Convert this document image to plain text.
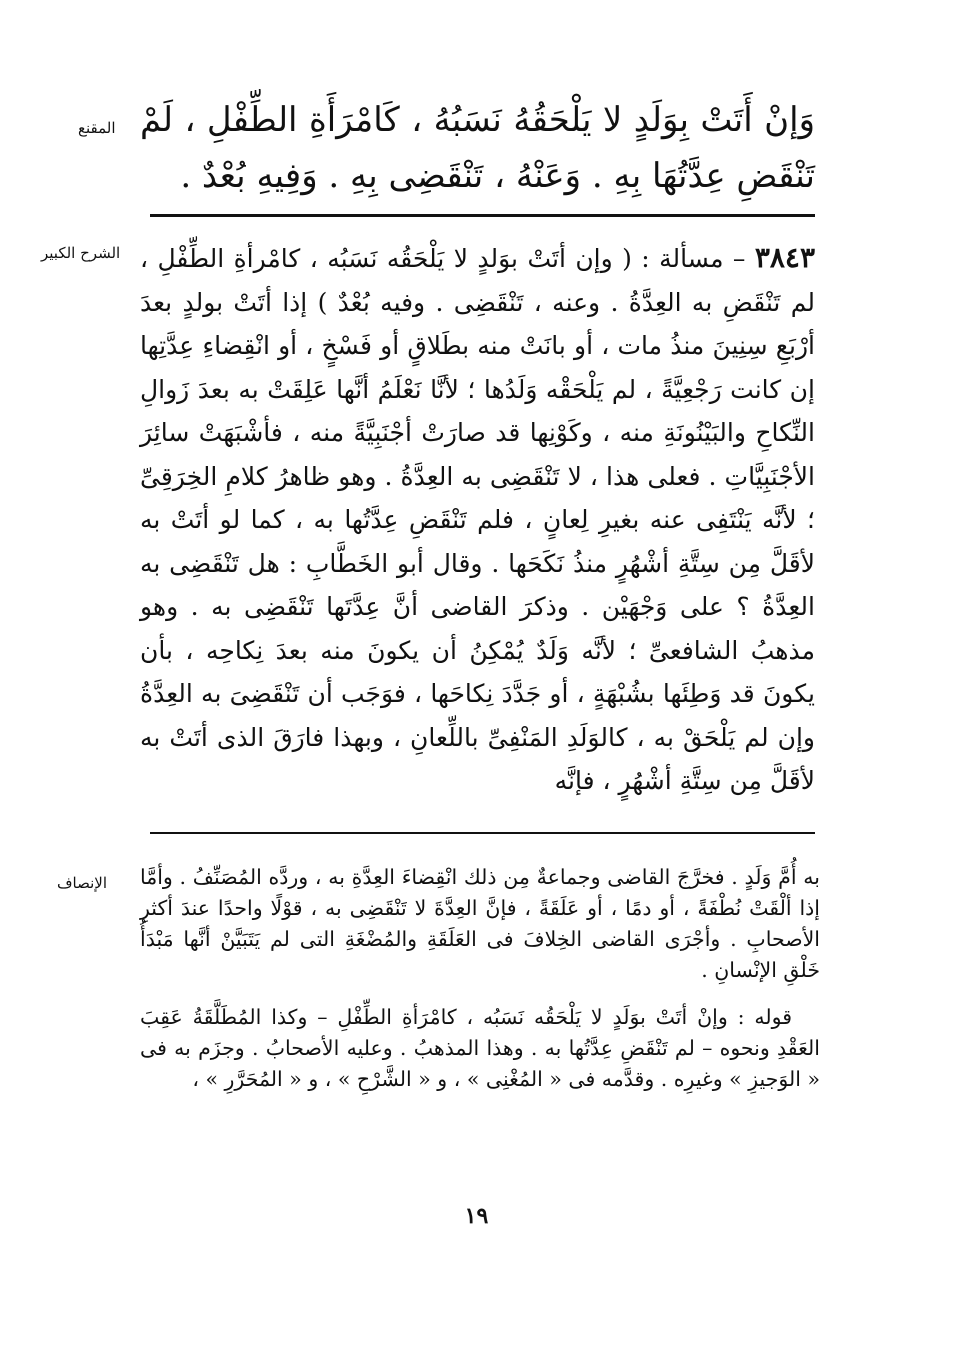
المقنع وَإنْ أَتَتْ بِوَلَدٍ لا يَلْحَقُهُ نَسَبُهُ ، كَامْرَأَةِ الطِّفْلِ ، لَمْ تَنْقَضِ عِدَّتُهَا بِهِ . وَعَنْهُ ، تَنْقَضِى بِهِ . وَفِيهِ بُعْدٌ .

الشرح الكبير	٣٨٤٣ – مسألة : ( وإن أتَتْ بوَلدٍ لا يَلْحَقُه نَسَبُه ، كامْرأةِ الطِّفْلِ ، لم تَنْقَضِ به العِدَّةُ . وعنه ، تَنْقَضِى . وفيه بُعْدٌ ) إذا أتَتْ بولدٍ بعدَ أرْبَعِ سِنِينَ منذُ مات ، أو بانَتْ منه بطَلاقٍ أو فَسْخٍ ، أو انْقِضاءِ عِدَّتِها إن كانت رَجْعِيَّةً ، لم يَلْحَقْه وَلَدُها ؛ لأنَّا نَعْلَمُ أنَّها عَلِقَتْ به بعدَ زَوالِ النِّكاحِ والبَيْنُونَةِ منه ، وكَوْنِها قد صارَتْ أجْنَبِيَّةً منه ، فأشْبَهَتْ سائِرَ الأجْنَبِيَّاتِ . فعلى هذا ، لا تَنْقَضِى به العِدَّةُ . وهو ظاهرُ كلامِ الخِرَقِىِّ ؛ لأنَّه يَنْتَفِى عنه بغيرِ لِعانٍ ، فلم تَنْقَضِ عِدَّتُها به ، كما لو أتَتْ به لأقَلَّ مِن سِتَّةِ أشْهُرٍ منذُ نَكَحَها . وقال أبو الخَطَّابِ : هل تَنْقَضِى به العِدَّةُ ؟ على وَجْهَيْن . وذكرَ القاضى أنَّ عِدَّتَها تَنْقَضِى به . وهو مذهبُ الشافعىِّ ؛ لأنَّه وَلَدٌ يُمْكِنُ أن يكونَ منه بعدَ نِكاحِه ، بأن يكونَ قد وَطِئَها بشُبْهَةٍ ، أو جَدَّدَ نِكاحَها ، فوَجَب أن تَنْقَضِىَ به العِدَّةُ وإن لم يَلْحَقْ به ، كالوَلَدِ المَنْفِىِّ باللِّعانِ ، وبهذا فارَقَ الذى أتَتْ به لأقَلَّ مِن سِتَّةِ أشْهُرٍ ، فإنَّه

الإنصاف به أُمَّ وَلَدٍ . فخرَّجَ القاضى وجماعةٌ مِن ذلك انْقِضاءَ العِدَّةِ به ، وردَّه المُصَنِّفُ . وأمَّا إذا ألْقَتْ نُطْفَةً ، أو دمًا ، أو عَلَقَةً ، فإنَّ العِدَّةَ لا تَنْقَضِى به ، قوْلًا واحدًا عندَ أكثرِ الأصحابِ . وأجْرَى القاضى الخِلافَ فى العَلَقَةِ والمُضْغَةِ التى لم يَتَبَيَّنْ أنَّها مَبْدَأُ خَلْقِ الإنْسانِ .

قوله : وإنْ أتَتْ بوَلَدٍ لا يَلْحَقُه نَسَبُه ، كامْرَأةِ الطِّفْلِ – وكذا المُطَلَّقَةُ عَقِبَ العَقْدِ ونحوه – لم تَنْقَضِ عِدَّتُها به . وهذا المذهبُ . وعليه الأصحابُ . وجزَم به فى « الوَجيزِ » وغيرِه . وقدَّمه فى « المُغْنِى » ، و « الشَّرْحِ » ، و « المُحَرَّرِ » ،

١٩
